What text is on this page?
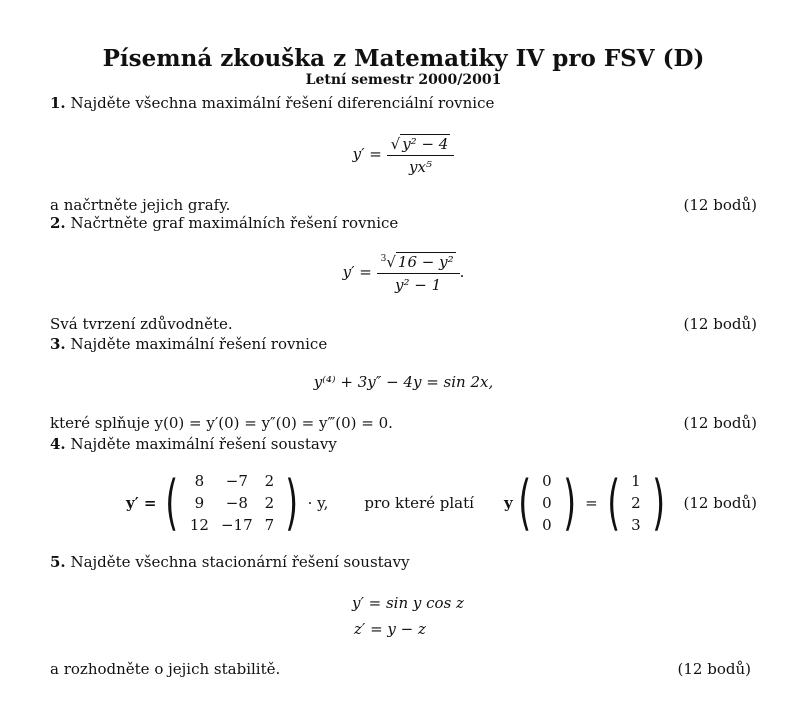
Písemná zkouška z Matematiky IV pro FSV (D)
Letní semestr 2000/2001
1. Najděte všechna maximální řešení diferenciální rovnice
$y' = \frac{\text{√ y² − 4}}{\text{yx⁵}}$
a načrtněte jejich grafy.	(12 bodů)
2. Načrtněte graf maximálních řešení rovnice
$y' = \frac{^3√ 16 - y^2}{\text{y² − 1}}$ .
Svá tvrzení zdůvodněte.	(12 bodů)
3. Najděte maximální řešení rovnice
y⁽⁴⁾ + 3y″ − 4y = sin 2x,
které splňuje y(0) = y′(0) = y″(0) = y‴(0) = 0.	(12 bodů)
4. Najděte maximální řešení soustavy
y′ = ( 8	−7	2
9	−8	2
12	−17	7 ) · y, pro které platí y ( 0
0
0 ) = ( 1
2
3 ) (12 bodů)
5. Najděte všechna stacionární řešení soustavy
y′ = sin y cos z
z′ = y − z
a rozhodněte o jejich stabilitě.	(12 bodů)
